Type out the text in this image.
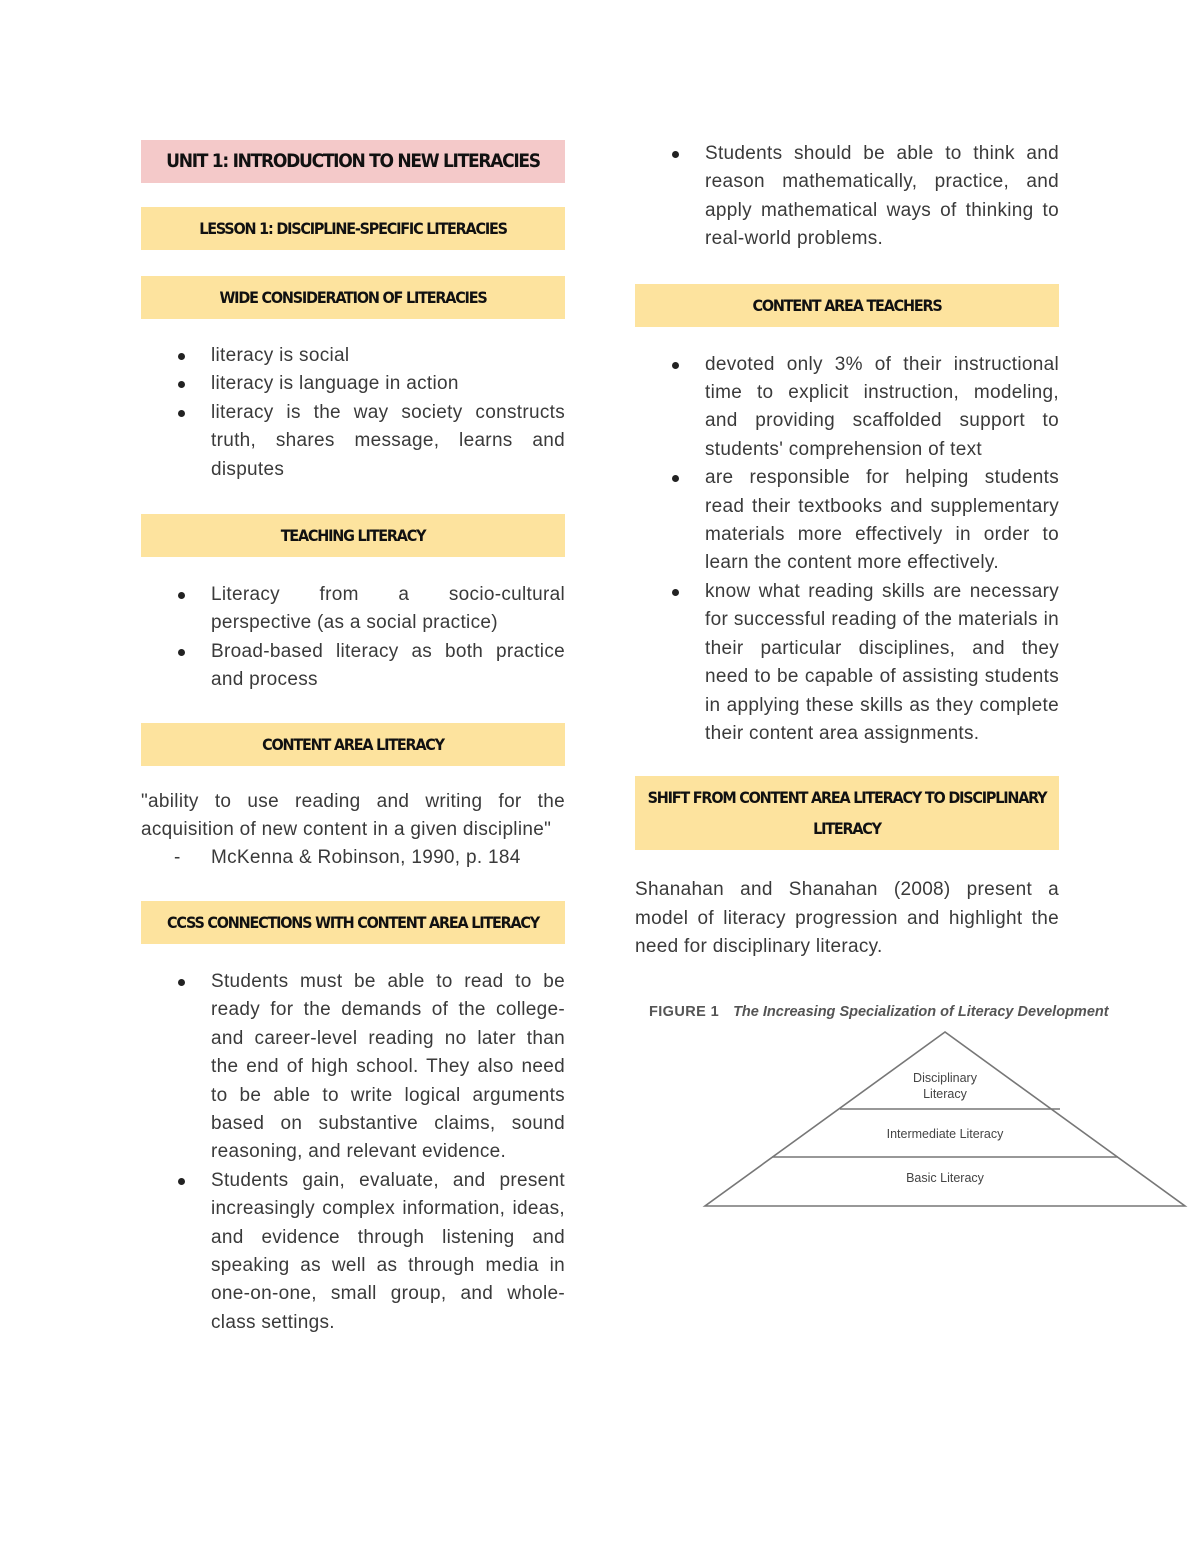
UNIT 1: INTRODUCTION TO NEW LITERACIES
LESSON 1: DISCIPLINE-SPECIFIC LITERACIES
WIDE CONSIDERATION OF LITERACIES
literacy is social
literacy is language in action
literacy is the way society constructs truth, shares message, learns and disputes
TEACHING LITERACY
Literacy from a socio-cultural perspective (as a social practice)
Broad-based literacy as both practice and process
CONTENT AREA LITERACY
"ability to use reading and writing for the acquisition of new content in a given discipline"
- McKenna & Robinson, 1990, p. 184
CCSS CONNECTIONS WITH CONTENT AREA LITERACY
Students must be able to read to be ready for the demands of the college- and career-level reading no later than the end of high school. They also need to be able to write logical arguments based on substantive claims, sound reasoning, and relevant evidence.
Students gain, evaluate, and present increasingly complex information, ideas, and evidence through listening and speaking as well as through media in one-on-one, small group, and whole-class settings.
Students should be able to think and reason mathematically, practice, and apply mathematical ways of thinking to real-world problems.
CONTENT AREA TEACHERS
devoted only 3% of their instructional time to explicit instruction, modeling, and providing scaffolded support to students' comprehension of text
are responsible for helping students read their textbooks and supplementary materials more effectively in order to learn the content more effectively.
know what reading skills are necessary for successful reading of the materials in their particular disciplines, and they need to be capable of assisting students in applying these skills as they complete their content area assignments.
SHIFT FROM CONTENT AREA LITERACY TO DISCIPLINARY
LITERACY
Shanahan and Shanahan (2008) present a model of literacy progression and highlight the need for disciplinary literacy.
FIGURE 1 The Increasing Specialization of Literacy Development
Disciplinary
Literacy
Intermediate Literacy
Basic Literacy
